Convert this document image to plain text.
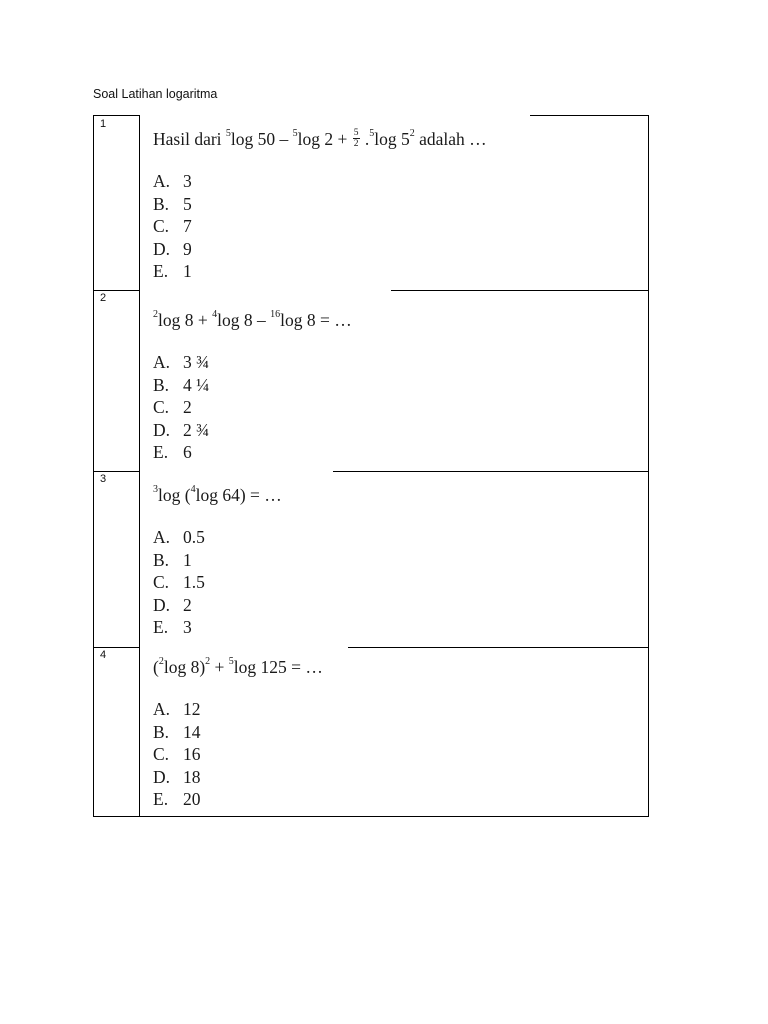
Soal Latihan logaritma
1
Hasil dari $^5$log 50 – $^5$log $2 + \frac{5}{2} .^5\log$ $5^2$ adalah …
A. 3
B. 5
C. 7
D. 9
E. 1
2
$^2$log 8 + $^4$log 8 – $^{16}$log 8 = …
A. 3 ¾
B. 4 ¼
C. 2
D. 2 ¾
E. 6
3
$^3$log ($^4$log 64) = …
A. 0.5
B. 1
C. 1.5
D. 2
E. 3
4
($^2$log 8)$^2$ + $^5$log 125 = …
A. 12
B. 14
C. 16
D. 18
E. 20
